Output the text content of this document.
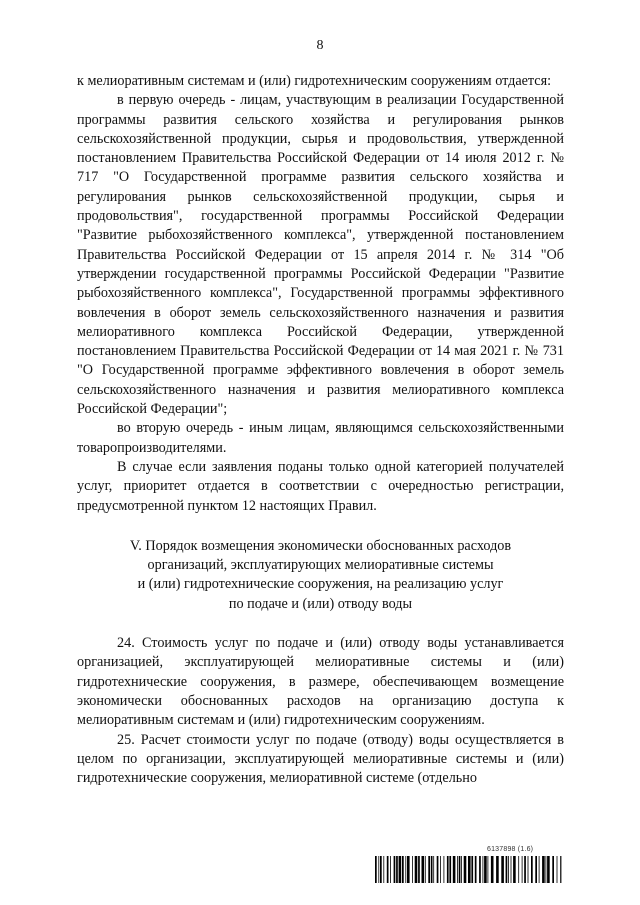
8

к мелиоративным системам и (или) гидротехническим сооружениям отдается:

в первую очередь - лицам, участвующим в реализации Государственной программы развития сельского хозяйства и регулирования рынков сельскохозяйственной продукции, сырья и продовольствия, утвержденной постановлением Правительства Российской Федерации от 14 июля 2012 г. № 717 "О Государственной программе развития сельского хозяйства и регулирования рынков сельскохозяйственной продукции, сырья и продовольствия", государственной программы Российской Федерации "Развитие рыбохозяйственного комплекса", утвержденной постановлением Правительства Российской Федерации от 15 апреля 2014 г. № 314 "Об утверждении государственной программы Российской Федерации "Развитие рыбохозяйственного комплекса", Государственной программы эффективного вовлечения в оборот земель сельскохозяйственного назначения и развития мелиоративного комплекса Российской Федерации, утвержденной постановлением Правительства Российской Федерации от 14 мая 2021 г. № 731 "О Государственной программе эффективного вовлечения в оборот земель сельскохозяйственного назначения и развития мелиоративного комплекса Российской Федерации";

во вторую очередь - иным лицам, являющимся сельскохозяйственными товаропроизводителями.

В случае если заявления поданы только одной категорией получателей услуг, приоритет отдается в соответствии с очередностью регистрации, предусмотренной пунктом 12 настоящих Правил.

V. Порядок возмещения экономически обоснованных расходов
организаций, эксплуатирующих мелиоративные системы
и (или) гидротехнические сооружения, на реализацию услуг
по подаче и (или) отводу воды

24. Стоимость услуг по подаче и (или) отводу воды устанавливается организацией, эксплуатирующей мелиоративные системы и (или) гидротехнические сооружения, в размере, обеспечивающем возмещение экономически обоснованных расходов на организацию доступа к мелиоративным системам и (или) гидротехническим сооружениям.

25. Расчет стоимости услуг по подаче (отводу) воды осуществляется в целом по организации, эксплуатирующей мелиоративные системы и (или) гидротехнические сооружения, мелиоративной системе (отдельно

6137898 (1.6)
